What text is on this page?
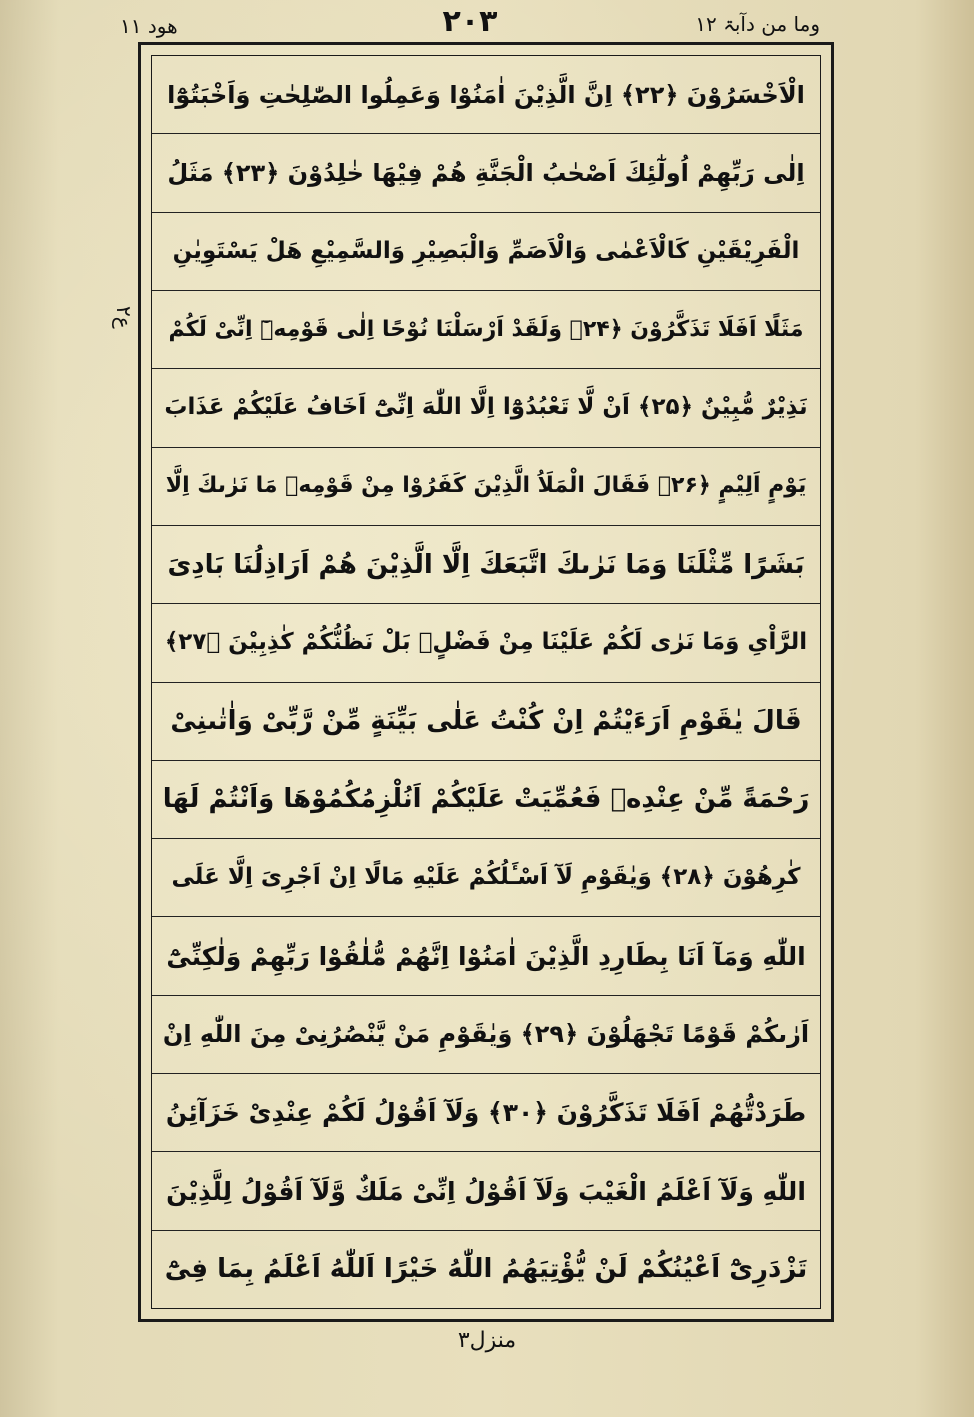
وما من دآبۃ ۱۲
۲۰۳
ھود ۱۱
ع۲
الْاَخْسَرُوْنَ ﴿۲۲﴾ اِنَّ الَّذِيْنَ اٰمَنُوْا وَعَمِلُوا الصّٰلِحٰتِ وَاَخْبَتُوْٓا
اِلٰى رَبِّهِمْ اُولٰٓئِكَ اَصْحٰبُ الْجَنَّةِ هُمْ فِيْهَا خٰلِدُوْنَ ﴿۲۳﴾ مَثَلُ
الْفَرِيْقَيْنِ كَالْاَعْمٰى وَالْاَصَمِّ وَالْبَصِيْرِ وَالسَّمِيْعِ هَلْ يَسْتَوِيٰنِ
مَثَلًا اَفَلَا تَذَكَّرُوْنَ ﴿۲۴﴾ وَلَقَدْ اَرْسَلْنَا نُوْحًا اِلٰى قَوْمِهٖٓ اِنِّىْ لَكُمْ
نَذِيْرٌ مُّبِيْنٌ ﴿۲۵﴾ اَنْ لَّا تَعْبُدُوْٓا اِلَّا اللّٰهَ اِنِّىْٓ اَخَافُ عَلَيْكُمْ عَذَابَ
يَوْمٍ اَلِيْمٍ ﴿۲۶﴾ فَقَالَ الْمَلَاُ الَّذِيْنَ كَفَرُوْا مِنْ قَوْمِهٖ مَا نَرٰىكَ اِلَّا
بَشَرًا مِّثْلَنَا وَمَا نَرٰىكَ اتَّبَعَكَ اِلَّا الَّذِيْنَ هُمْ اَرَاذِلُنَا بَادِىَ
الرَّاْىِ وَمَا نَرٰى لَكُمْ عَلَيْنَا مِنْ فَضْلٍۢ بَلْ نَظُنُّكُمْ كٰذِبِيْنَ ﴿۲۷﴾
قَالَ يٰقَوْمِ اَرَءَيْتُمْ اِنْ كُنْتُ عَلٰى بَيِّنَةٍ مِّنْ رَّبِّىْ وَاٰتٰىنِىْ
رَحْمَةً مِّنْ عِنْدِهٖ فَعُمِّيَتْ عَلَيْكُمْ اَنُلْزِمُكُمُوْهَا وَاَنْتُمْ لَهَا
كٰرِهُوْنَ ﴿۲۸﴾ وَيٰقَوْمِ لَآ اَسْـَٔلُكُمْ عَلَيْهِ مَالًا اِنْ اَجْرِىَ اِلَّا عَلَى
اللّٰهِ وَمَآ اَنَا بِطَارِدِ الَّذِيْنَ اٰمَنُوْا اِنَّهُمْ مُّلٰقُوْا رَبِّهِمْ وَلٰكِنِّىْٓ
اَرٰىكُمْ قَوْمًا تَجْهَلُوْنَ ﴿۲۹﴾ وَيٰقَوْمِ مَنْ يَّنْصُرُنِىْ مِنَ اللّٰهِ اِنْ
طَرَدْتُّهُمْ اَفَلَا تَذَكَّرُوْنَ ﴿۳۰﴾ وَلَآ اَقُوْلُ لَكُمْ عِنْدِىْ خَزَآئِنُ
اللّٰهِ وَلَآ اَعْلَمُ الْغَيْبَ وَلَآ اَقُوْلُ اِنِّىْ مَلَكٌ وَّلَآ اَقُوْلُ لِلَّذِيْنَ
تَزْدَرِىْٓ اَعْيُنُكُمْ لَنْ يُّؤْتِيَهُمُ اللّٰهُ خَيْرًا اَللّٰهُ اَعْلَمُ بِمَا فِىْٓ
منزل۳
